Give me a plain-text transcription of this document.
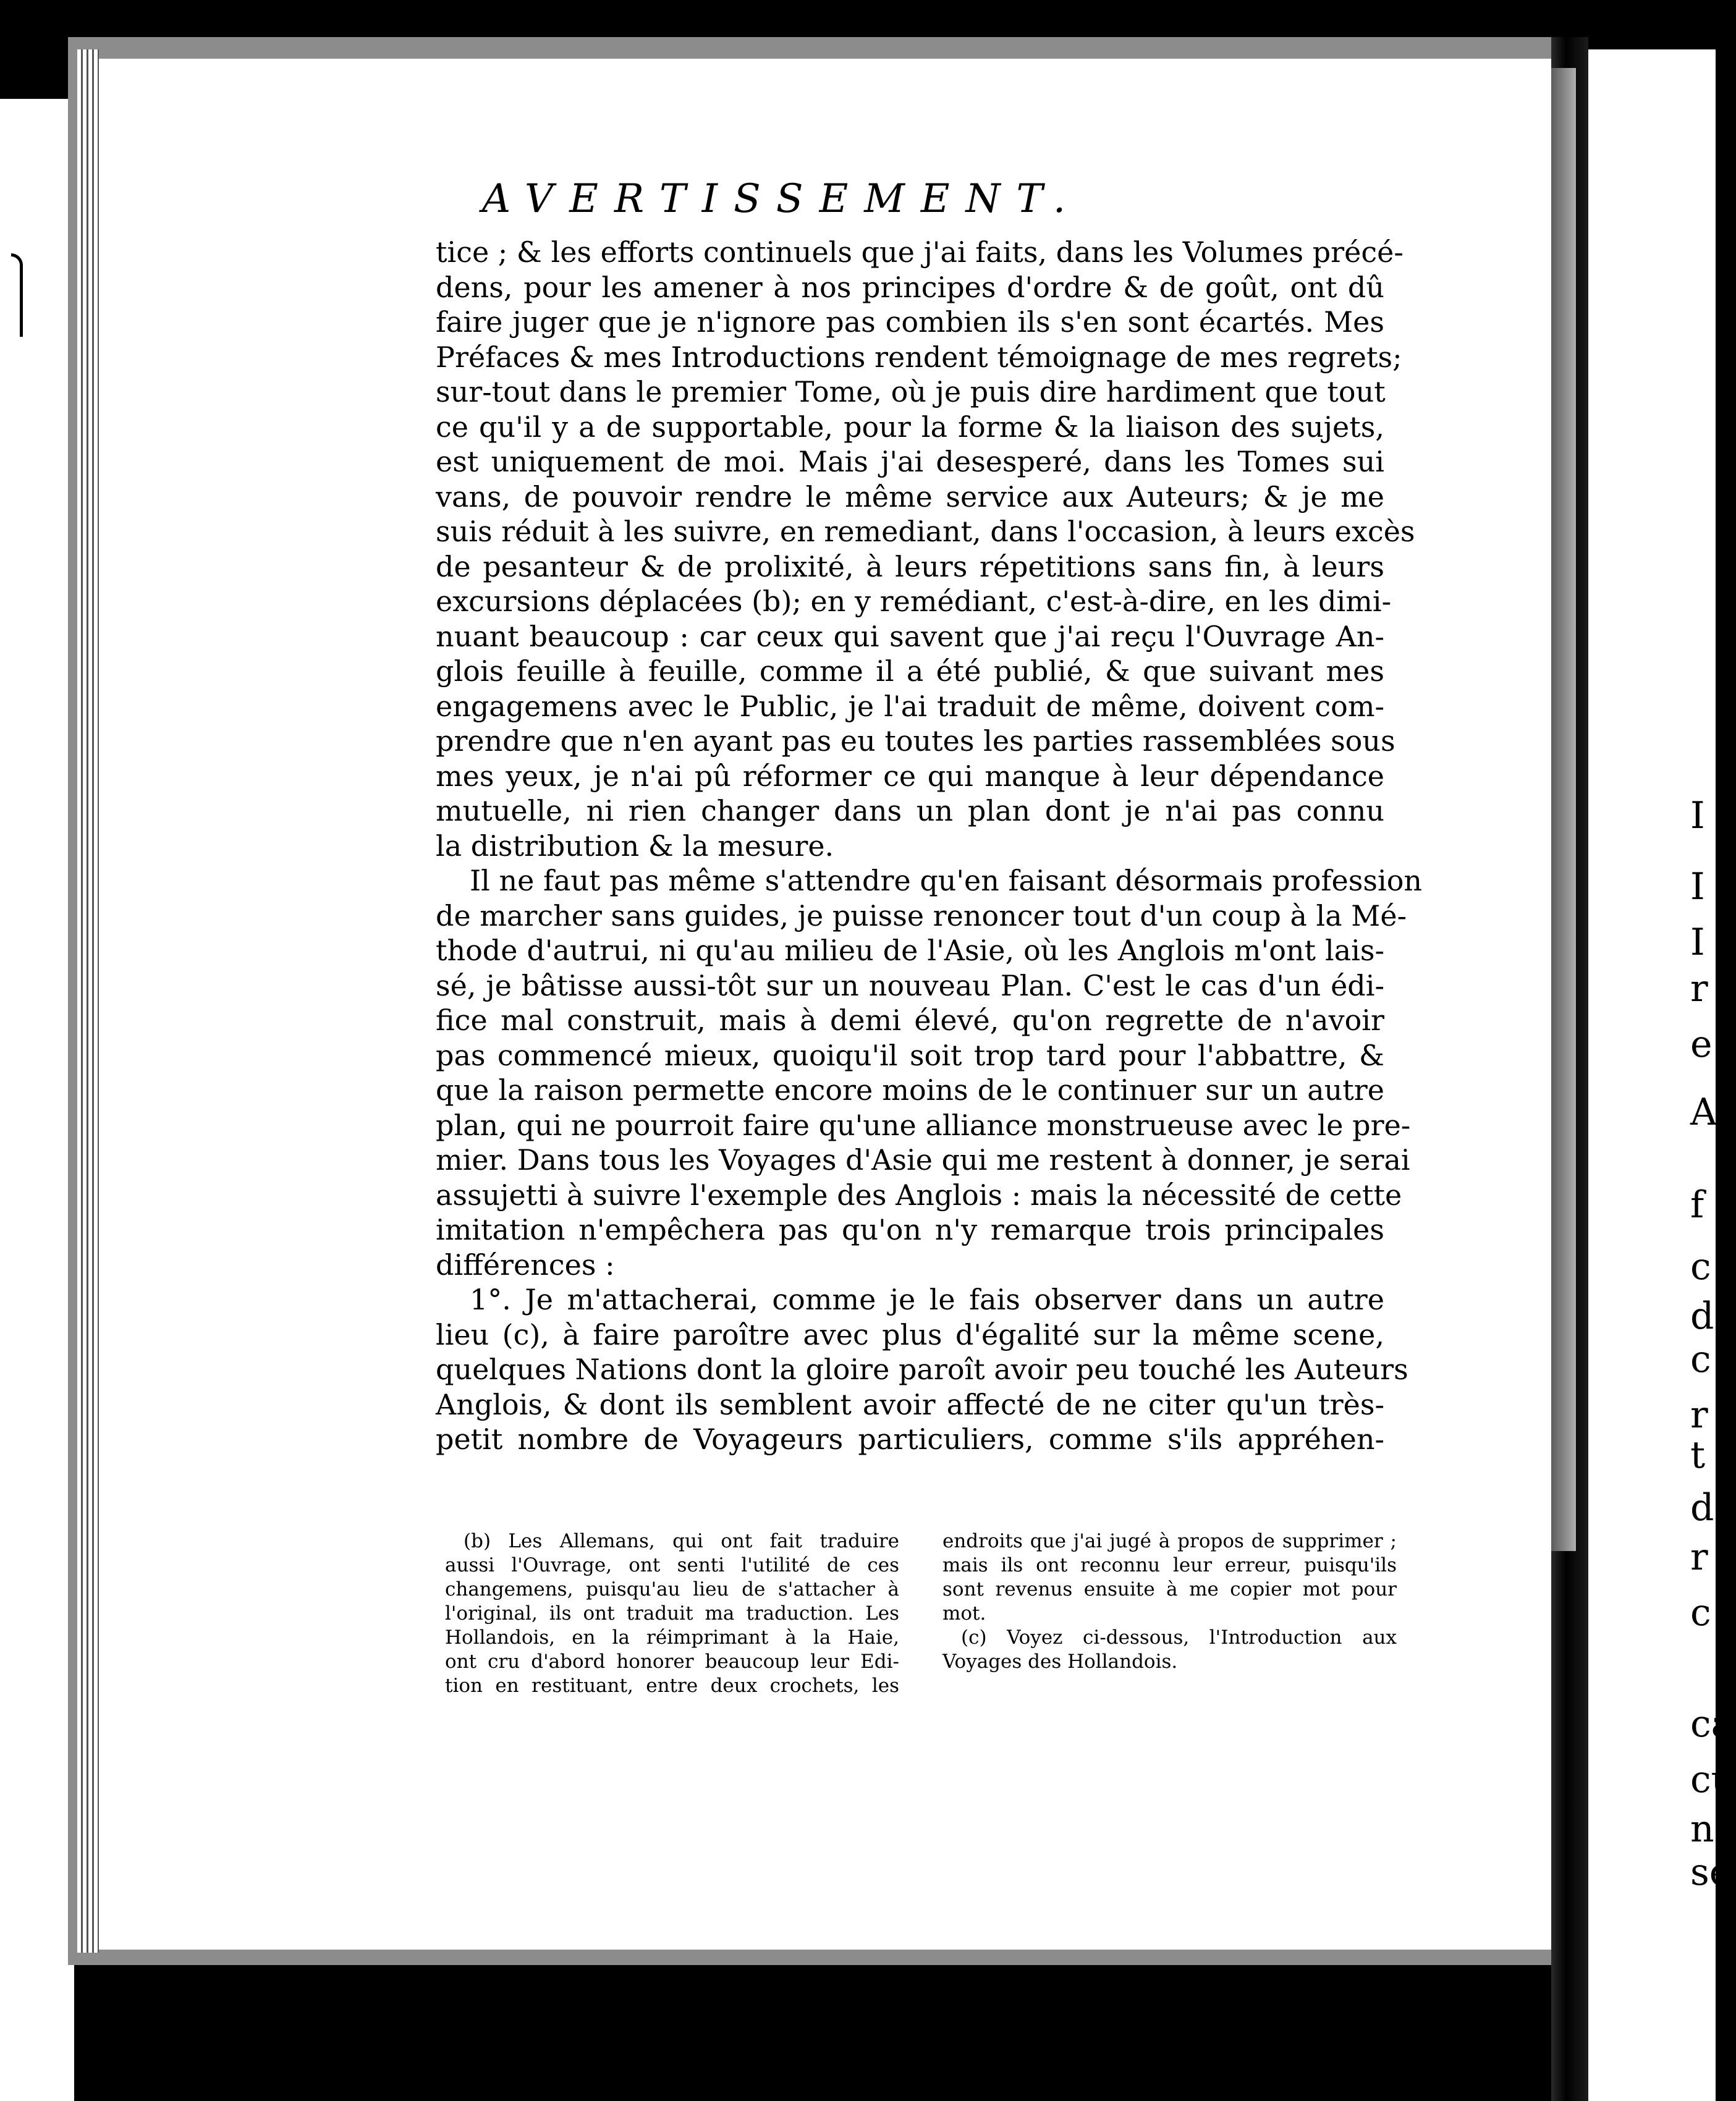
AVERTISSEMENT.
tice ; & les efforts continuels que j'ai faits, dans les Volumes précé-
dens, pour les amener à nos principes d'ordre & de goût, ont dû
faire juger que je n'ignore pas combien ils s'en sont écartés. Mes
Préfaces & mes Introductions rendent témoignage de mes regrets;
sur-tout dans le premier Tome, où je puis dire hardiment que tout
ce qu'il y a de supportable, pour la forme & la liaison des sujets,
est uniquement de moi. Mais j'ai desesperé, dans les Tomes sui
vans, de pouvoir rendre le même service aux Auteurs; & je me
suis réduit à les suivre, en remediant, dans l'occasion, à leurs excès
de pesanteur & de prolixité, à leurs répetitions sans fin, à leurs
excursions déplacées (b); en y remédiant, c'est-à-dire, en les dimi-
nuant beaucoup : car ceux qui savent que j'ai reçu l'Ouvrage An-
glois feuille à feuille, comme il a été publié, & que suivant mes
engagemens avec le Public, je l'ai traduit de même, doivent com-
prendre que n'en ayant pas eu toutes les parties rassemblées sous
mes yeux, je n'ai pû réformer ce qui manque à leur dépendance
mutuelle, ni rien changer dans un plan dont je n'ai pas connu
la distribution & la mesure.
Il ne faut pas même s'attendre qu'en faisant désormais profession
de marcher sans guides, je puisse renoncer tout d'un coup à la Mé-
thode d'autrui, ni qu'au milieu de l'Asie, où les Anglois m'ont lais-
sé, je bâtisse aussi-tôt sur un nouveau Plan. C'est le cas d'un édi-
fice mal construit, mais à demi élevé, qu'on regrette de n'avoir
pas commencé mieux, quoiqu'il soit trop tard pour l'abbattre, &
que la raison permette encore moins de le continuer sur un autre
plan, qui ne pourroit faire qu'une alliance monstrueuse avec le pre-
mier. Dans tous les Voyages d'Asie qui me restent à donner, je serai
assujetti à suivre l'exemple des Anglois : mais la nécessité de cette
imitation n'empêchera pas qu'on n'y remarque trois principales
différences :
1°. Je m'attacherai, comme je le fais observer dans un autre
lieu (c), à faire paroître avec plus d'égalité sur la même scene,
quelques Nations dont la gloire paroît avoir peu touché les Auteurs
Anglois, & dont ils semblent avoir affecté de ne citer qu'un très-
petit nombre de Voyageurs particuliers, comme s'ils appréhen-
(b) Les Allemans, qui ont fait traduire
aussi l'Ouvrage, ont senti l'utilité de ces
changemens, puisqu'au lieu de s'attacher à
l'original, ils ont traduit ma traduction. Les
Hollandois, en la réimprimant à la Haie,
ont cru d'abord honorer beaucoup leur Edi-
tion en restituant, entre deux crochets, les
endroits que j'ai jugé à propos de supprimer ;
mais ils ont reconnu leur erreur, puisqu'ils
sont revenus ensuite à me copier mot pour
mot.
(c) Voyez ci-dessous, l'Introduction aux
Voyages des Hollandois.
I
I
I
r
e
A
f
c
d
c
r
t
d
r
c
ca
cu
ne
se
